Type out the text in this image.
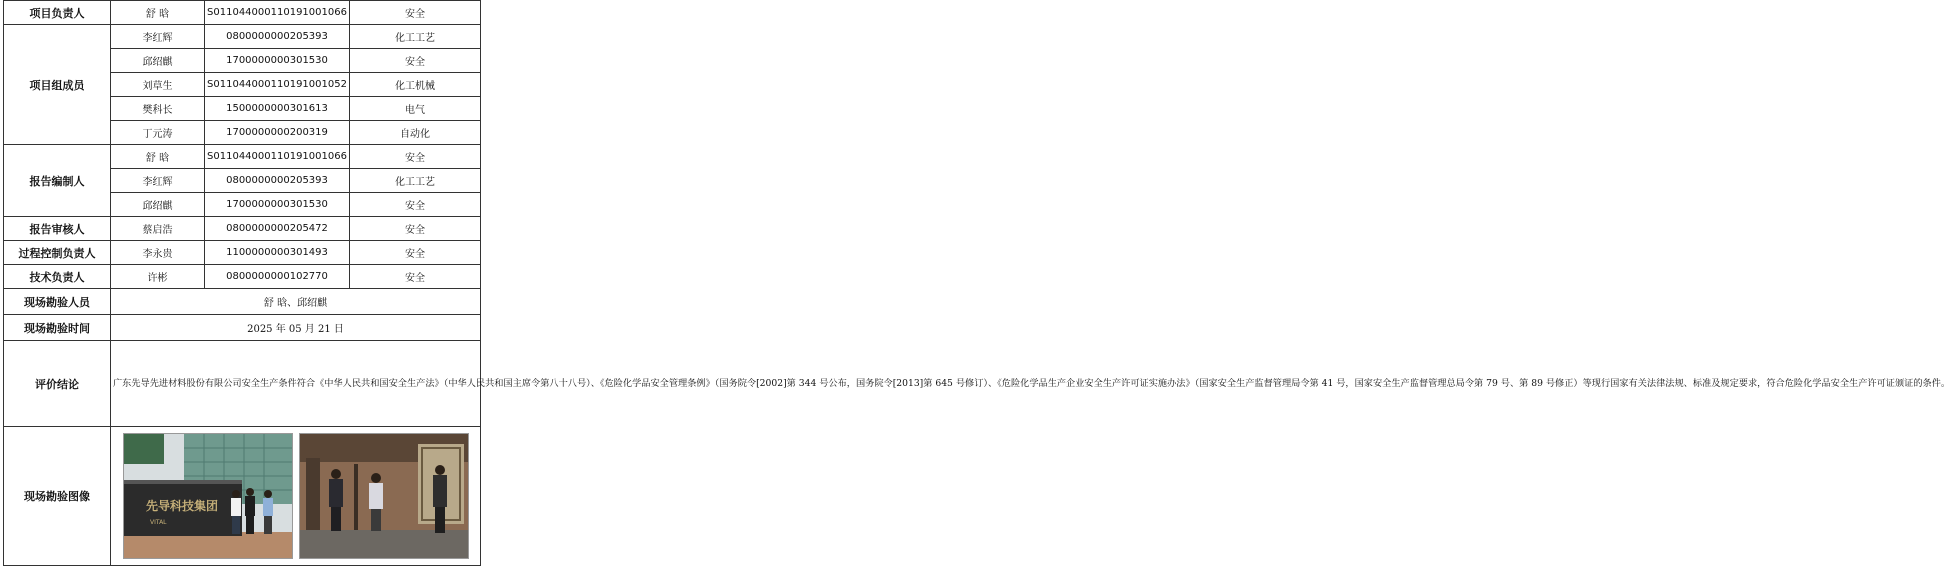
项目负责人	舒 晗	S011044000110191001066	安全
项目组成员	李红辉	0800000000205393	化工工艺
	邱绍麒	1700000000301530	安全
	刘草生	S011044000110191001052	化工机械
	樊科长	1500000000301613	电气
	丁元涛	1700000000200319	自动化
报告编制人	舒 晗	S011044000110191001066	安全
	李红辉	0800000000205393	化工工艺
	邱绍麒	1700000000301530	安全
报告审核人	蔡启浩	0800000000205472	安全
过程控制负责人	李永贵	1100000000301493	安全
技术负责人	许彬	0800000000102770	安全
现场勘验人员	舒 晗、邱绍麒		
现场勘验时间	2025 年 05 月 21 日		
评价结论	广东先导先进材料股份有限公司安全生产条件符合《中华人民共和国安全生产法》（中华人民共和国主席令第八十八号）、《危险化学品安全管理条例》（国务院令[2002]第 344 号公布，国务院令[2013]第 645 号修订）、《危险化学品生产企业安全生产许可证实施办法》（国家安全生产监督管理局令第 41 号，国家安全生产监督管理总局令第 79 号、第 89 号修正）等现行国家有关法律法规、标准及规定要求，符合危险化学品安全生产许可证颁证的条件。		
现场勘验图像	先导科技集团
VITAL		
